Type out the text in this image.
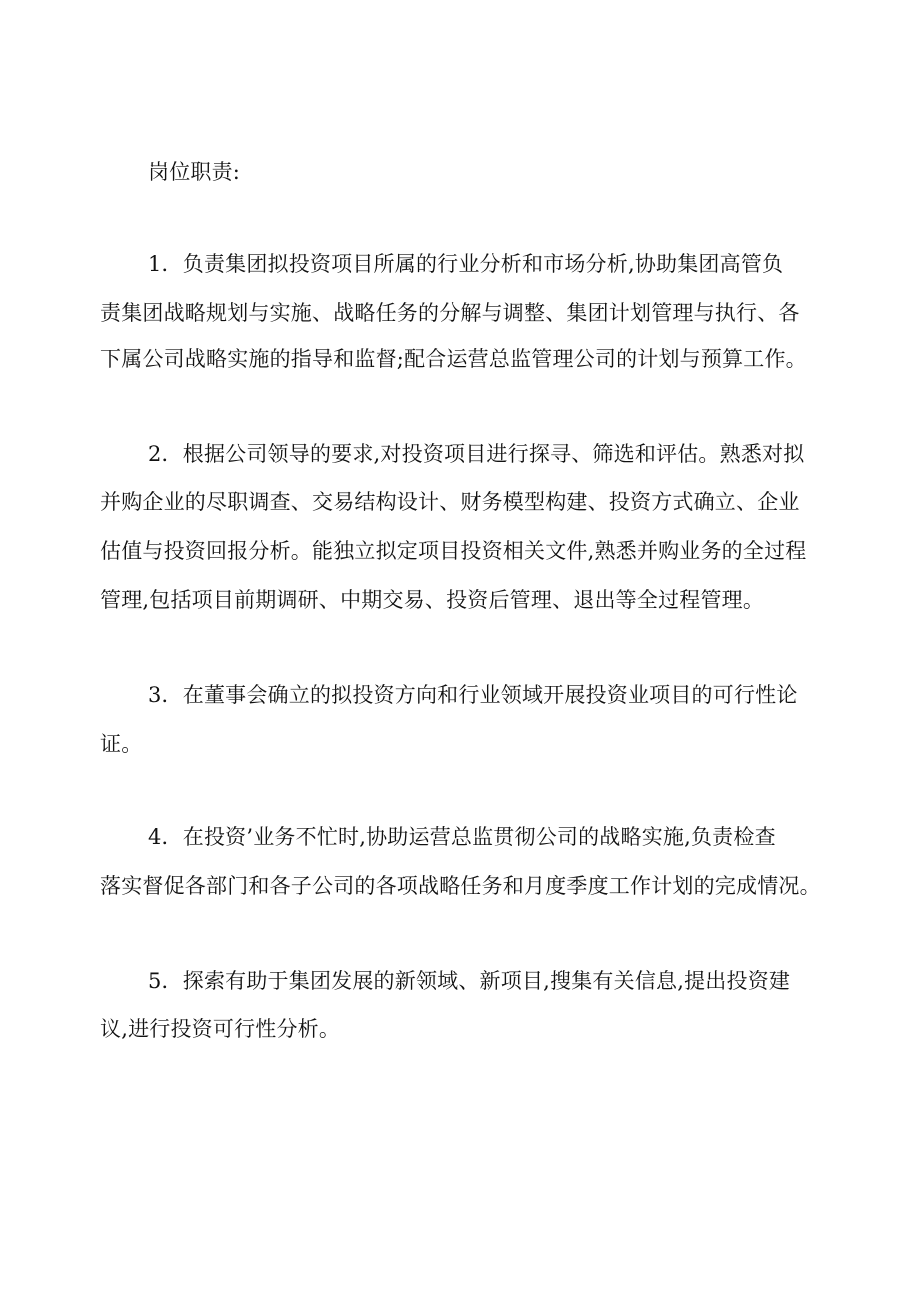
岗位职责:
1．负责集团拟投资项目所属的行业分析和市场分析,协助集团高管负
责集团战略规划与实施、战略任务的分解与调整、集团计划管理与执行、各
下属公司战略实施的指导和监督;配合运营总监管理公司的计划与预算工作。
2．根据公司领导的要求,对投资项目进行探寻、筛选和评估。熟悉对拟
并购企业的尽职调查、交易结构设计、财务模型构建、投资方式确立、企业
估值与投资回报分析。能独立拟定项目投资相关文件,熟悉并购业务的全过程
管理,包括项目前期调研、中期交易、投资后管理、退出等全过程管理。
3．在董事会确立的拟投资方向和行业领域开展投资业项目的可行性论
证。
4．在投资’业务不忙时,协助运营总监贯彻公司的战略实施,负责检查
落实督促各部门和各子公司的各项战略任务和月度季度工作计划的完成情况。
5．探索有助于集团发展的新领域、新项目,搜集有关信息,提出投资建
议,进行投资可行性分析。
